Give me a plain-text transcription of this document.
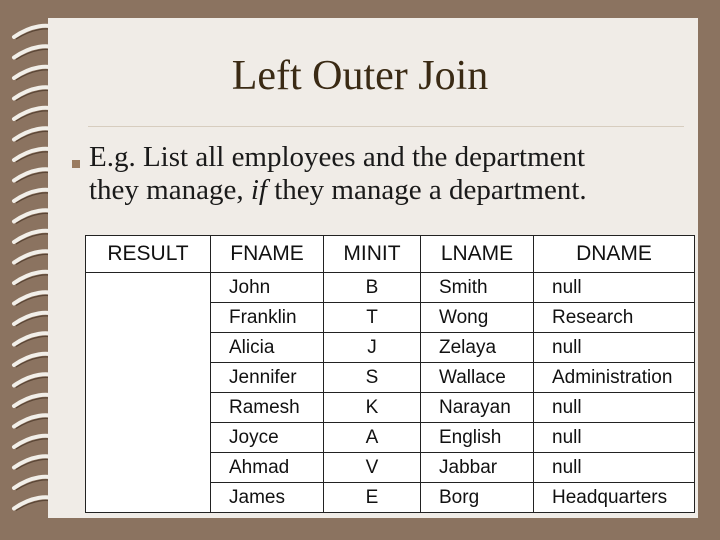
Left Outer Join
E.g. List all employees and the department
they manage, if they manage a department.
RESULT	FNAME	MINIT	LNAME	DNAME
	John	B	Smith	null
	Franklin	T	Wong	Research
	Alicia	J	Zelaya	null
	Jennifer	S	Wallace	Administration
	Ramesh	K	Narayan	null
	Joyce	A	English	null
	Ahmad	V	Jabbar	null
	James	E	Borg	Headquarters
